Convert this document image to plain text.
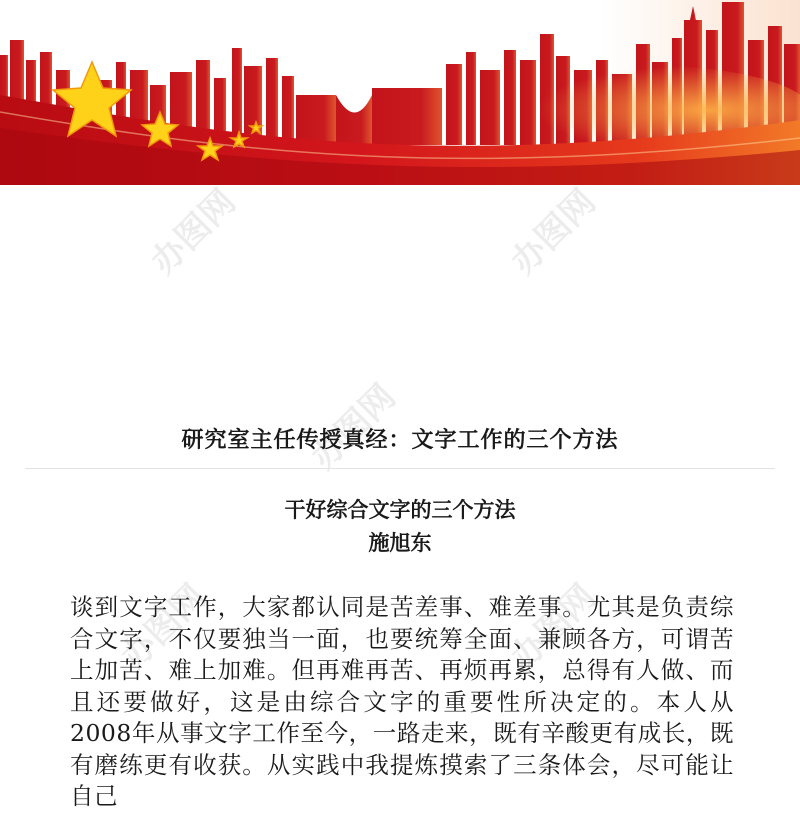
办图网	办图网
办图网
办图网	办图网
研究室主任传授真经：文字工作的三个方法
干好综合文字的三个方法
施旭东
谈到文字工作，大家都认同是苦差事、难差事。尤其是负责综合文字，不仅要独当一面，也要统筹全面、兼顾各方，可谓苦上加苦、难上加难。但再难再苦、再烦再累，总得有人做、而且还要做好，这是由综合文字的重要性所决定的。本人从 2008年从事文字工作至今，一路走来，既有辛酸更有成长，既有磨练更有收获。从实践中我提炼摸索了三条体会，尽可能让自己
